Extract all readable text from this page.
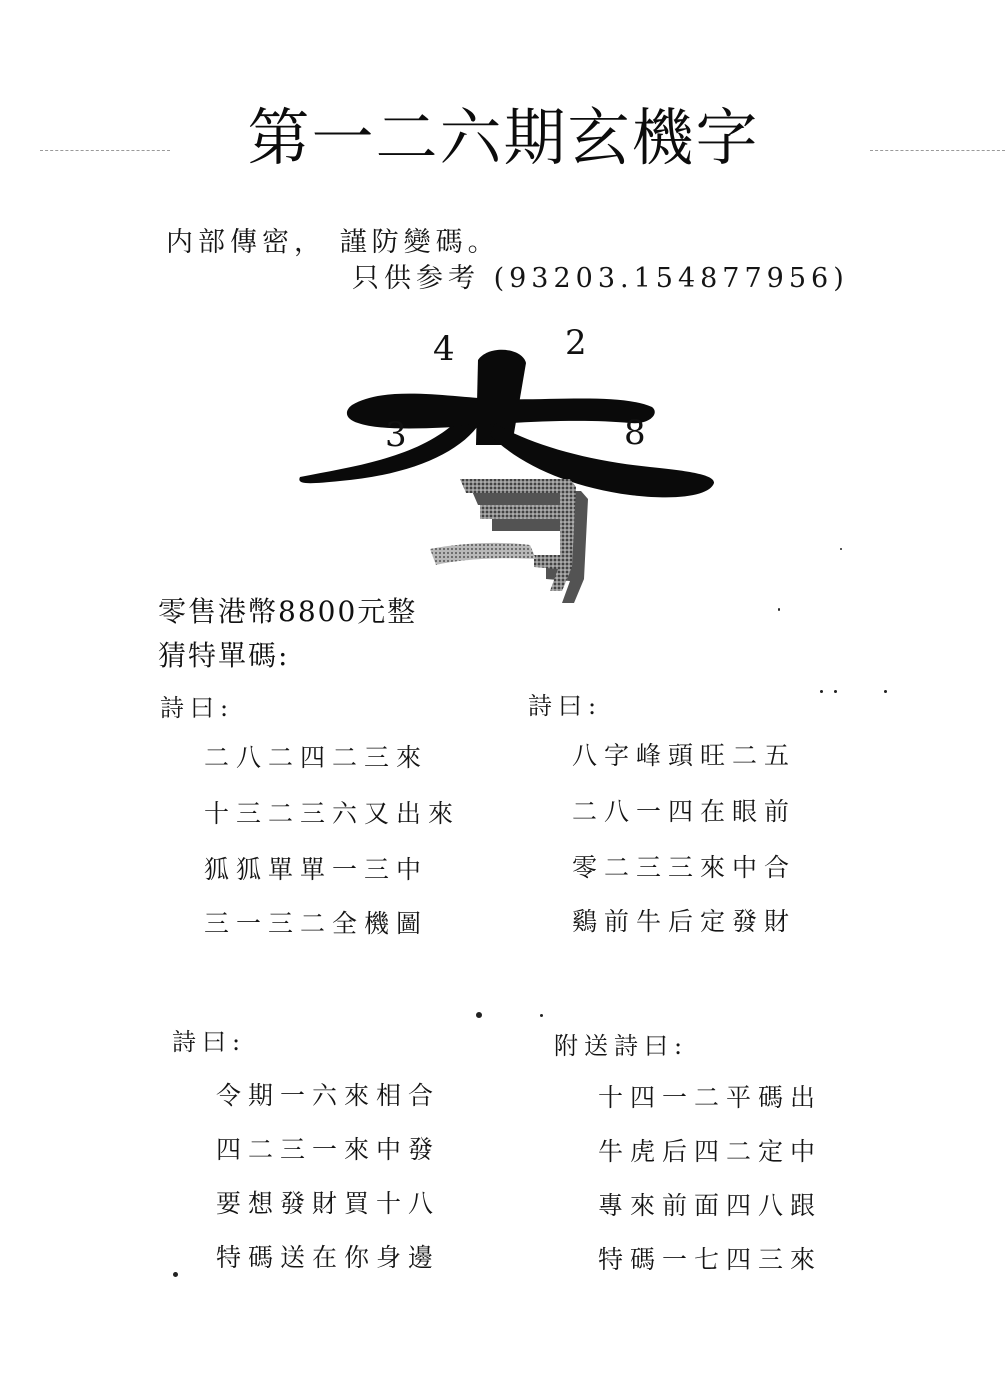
第一二六期玄機字
内部傳密， 謹防變碼。
只供参考 (93203.154877956)
4	2
3	8
零售港幣8800元整
猜特單碼:
詩曰:
二八二四二三來
十三二三六又出來
狐狐單單一三中
三一三二全機圖
詩曰:
八字峰頭旺二五
二八一四在眼前
零二三三來中合
鷄前牛后定發財
詩曰:
令期一六來相合
四二三一來中發
要想發財買十八
特碼送在你身邊
附送詩曰:
十四一二平碼出
牛虎后四二定中
專來前面四八跟
特碼一七四三來
